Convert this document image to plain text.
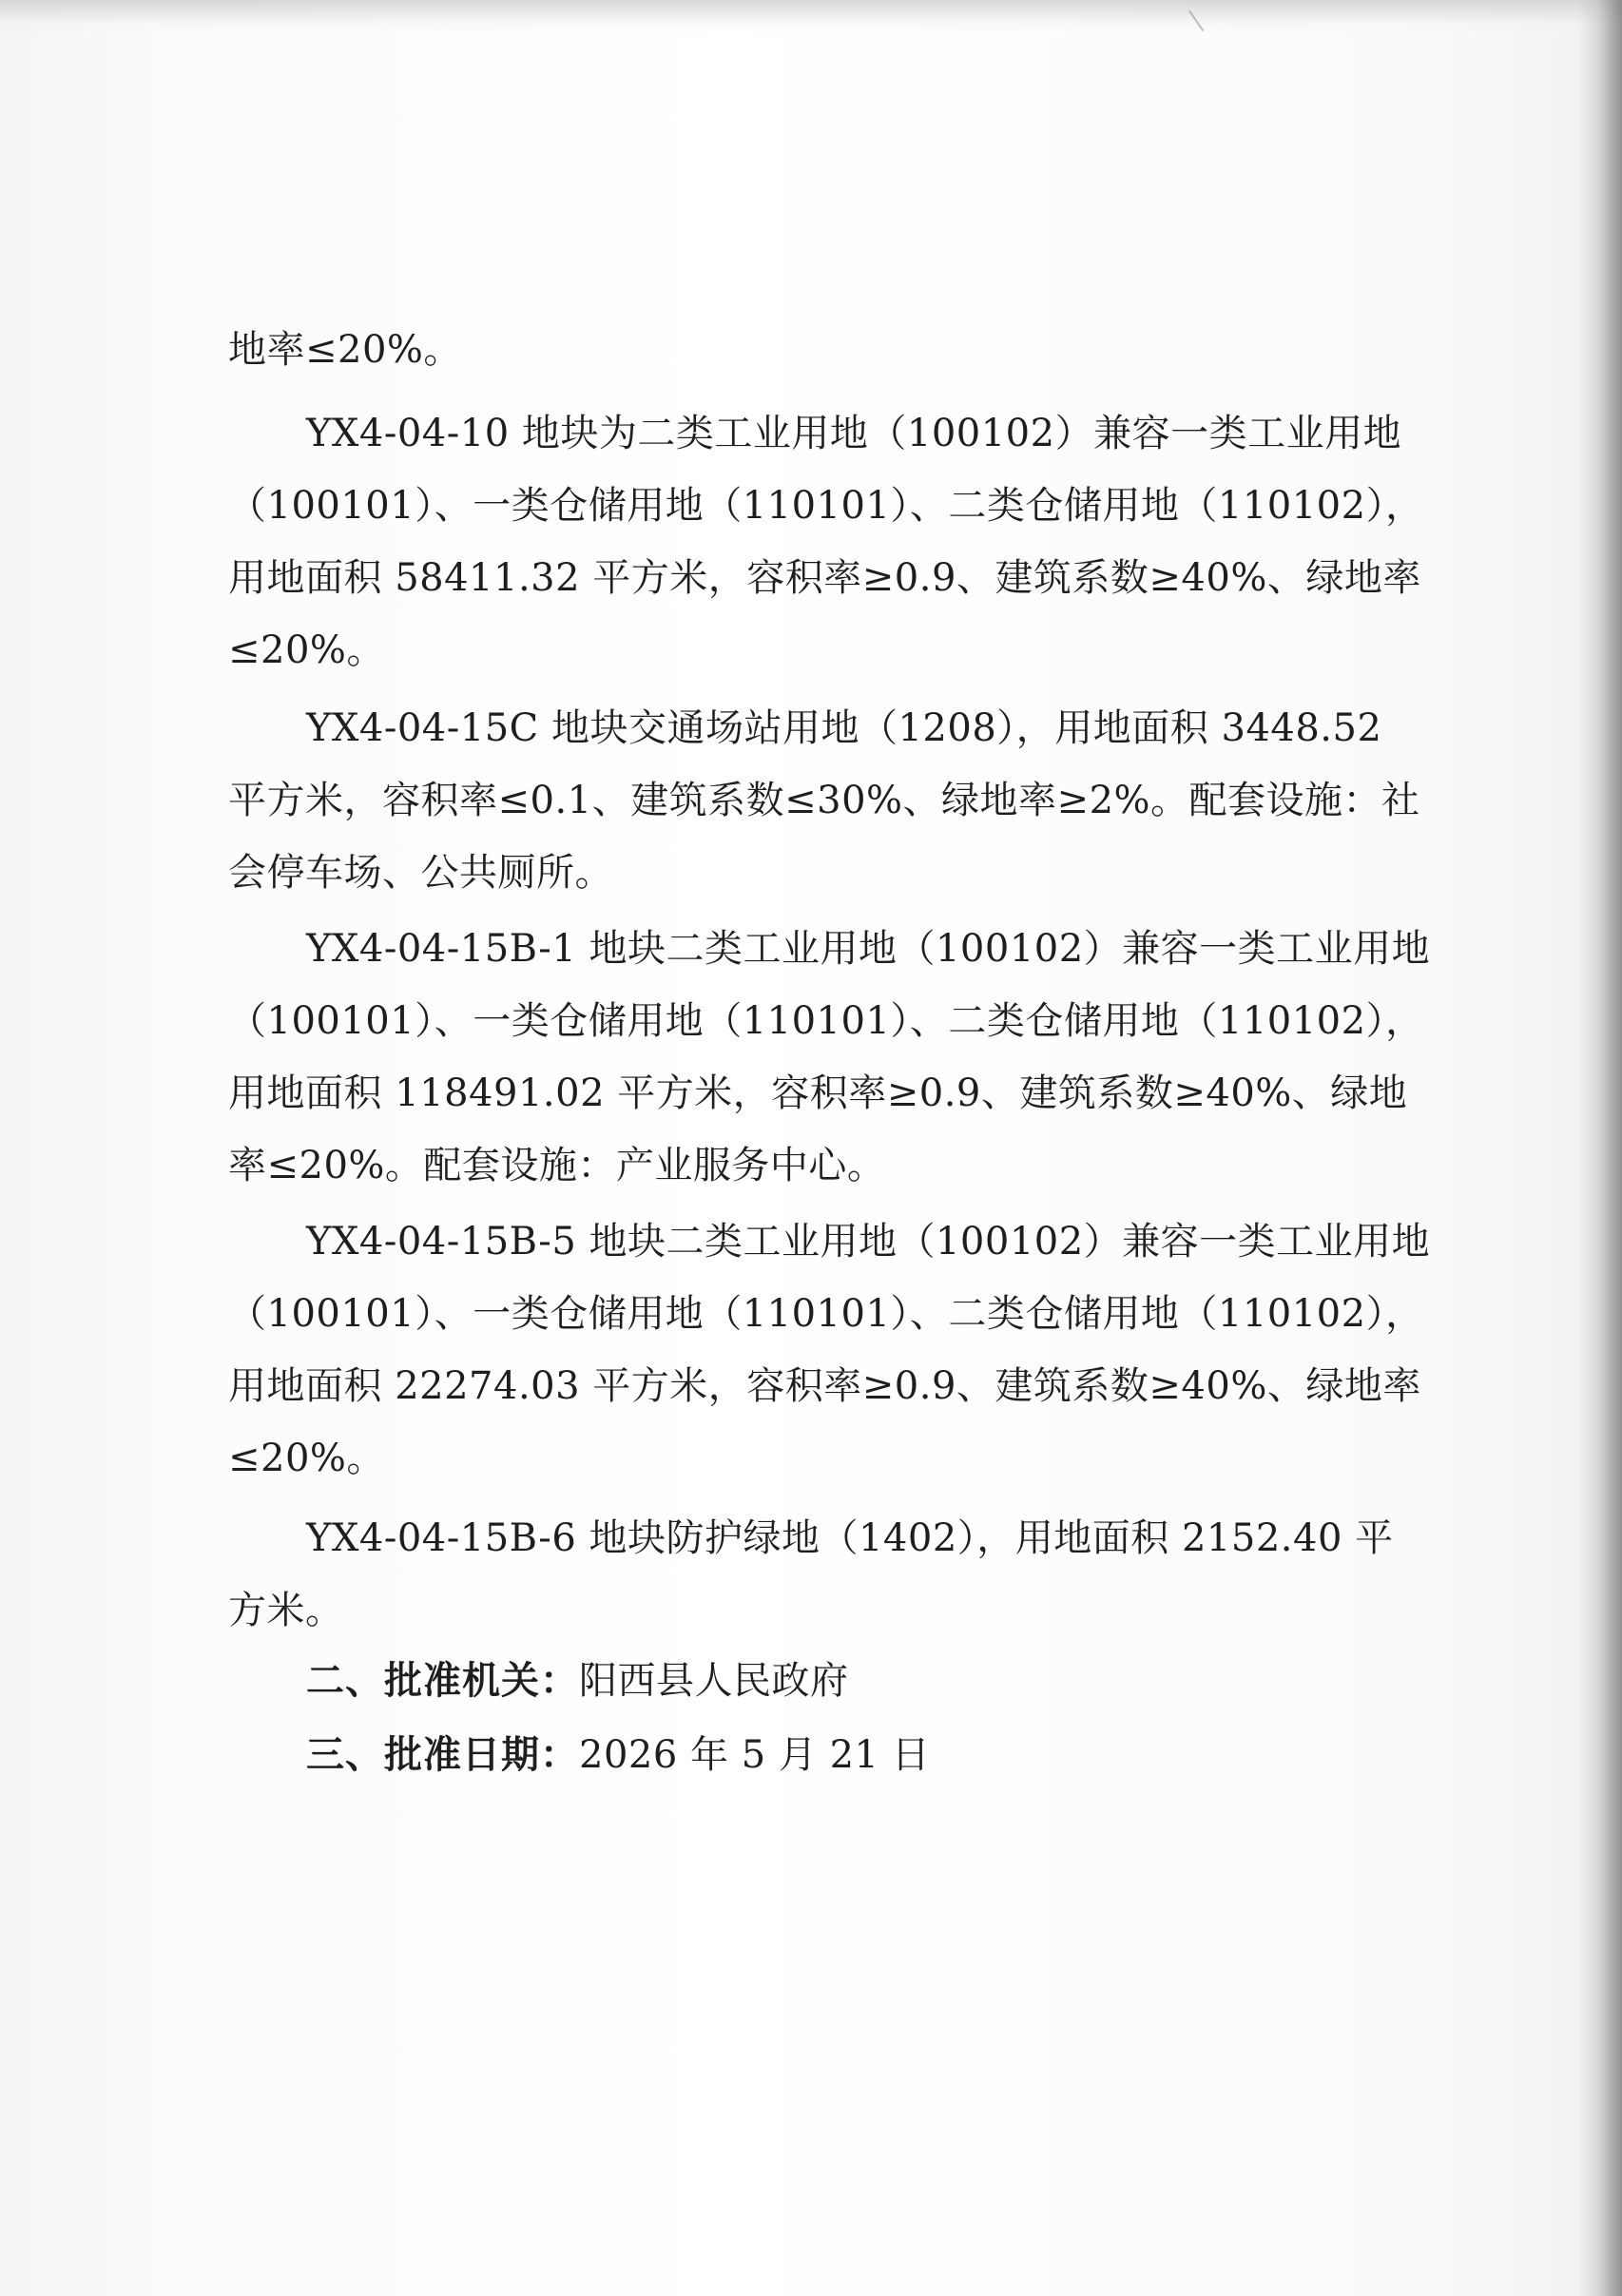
地率≤20%。
YX4-04-10 地块为二类工业用地（100102）兼容一类工业用地（100101）、一类仓储用地（110101）、二类仓储用地（110102），用地面积 58411.32 平方米，容积率≥0.9、建筑系数≥40%、绿地率≤20%。
YX4-04-15C 地块交通场站用地（1208），用地面积 3448.52 平方米，容积率≤0.1、建筑系数≤30%、绿地率≥2%。配套设施：社会停车场、公共厕所。
YX4-04-15B-1 地块二类工业用地（100102）兼容一类工业用地（100101）、一类仓储用地（110101）、二类仓储用地（110102），用地面积 118491.02 平方米，容积率≥0.9、建筑系数≥40%、绿地率≤20%。配套设施：产业服务中心。
YX4-04-15B-5 地块二类工业用地（100102）兼容一类工业用地（100101）、一类仓储用地（110101）、二类仓储用地（110102），用地面积 22274.03 平方米，容积率≥0.9、建筑系数≥40%、绿地率≤20%。
YX4-04-15B-6 地块防护绿地（1402），用地面积 2152.40 平方米。
二、批准机关：阳西县人民政府
三、批准日期：2026 年 5 月 21 日
